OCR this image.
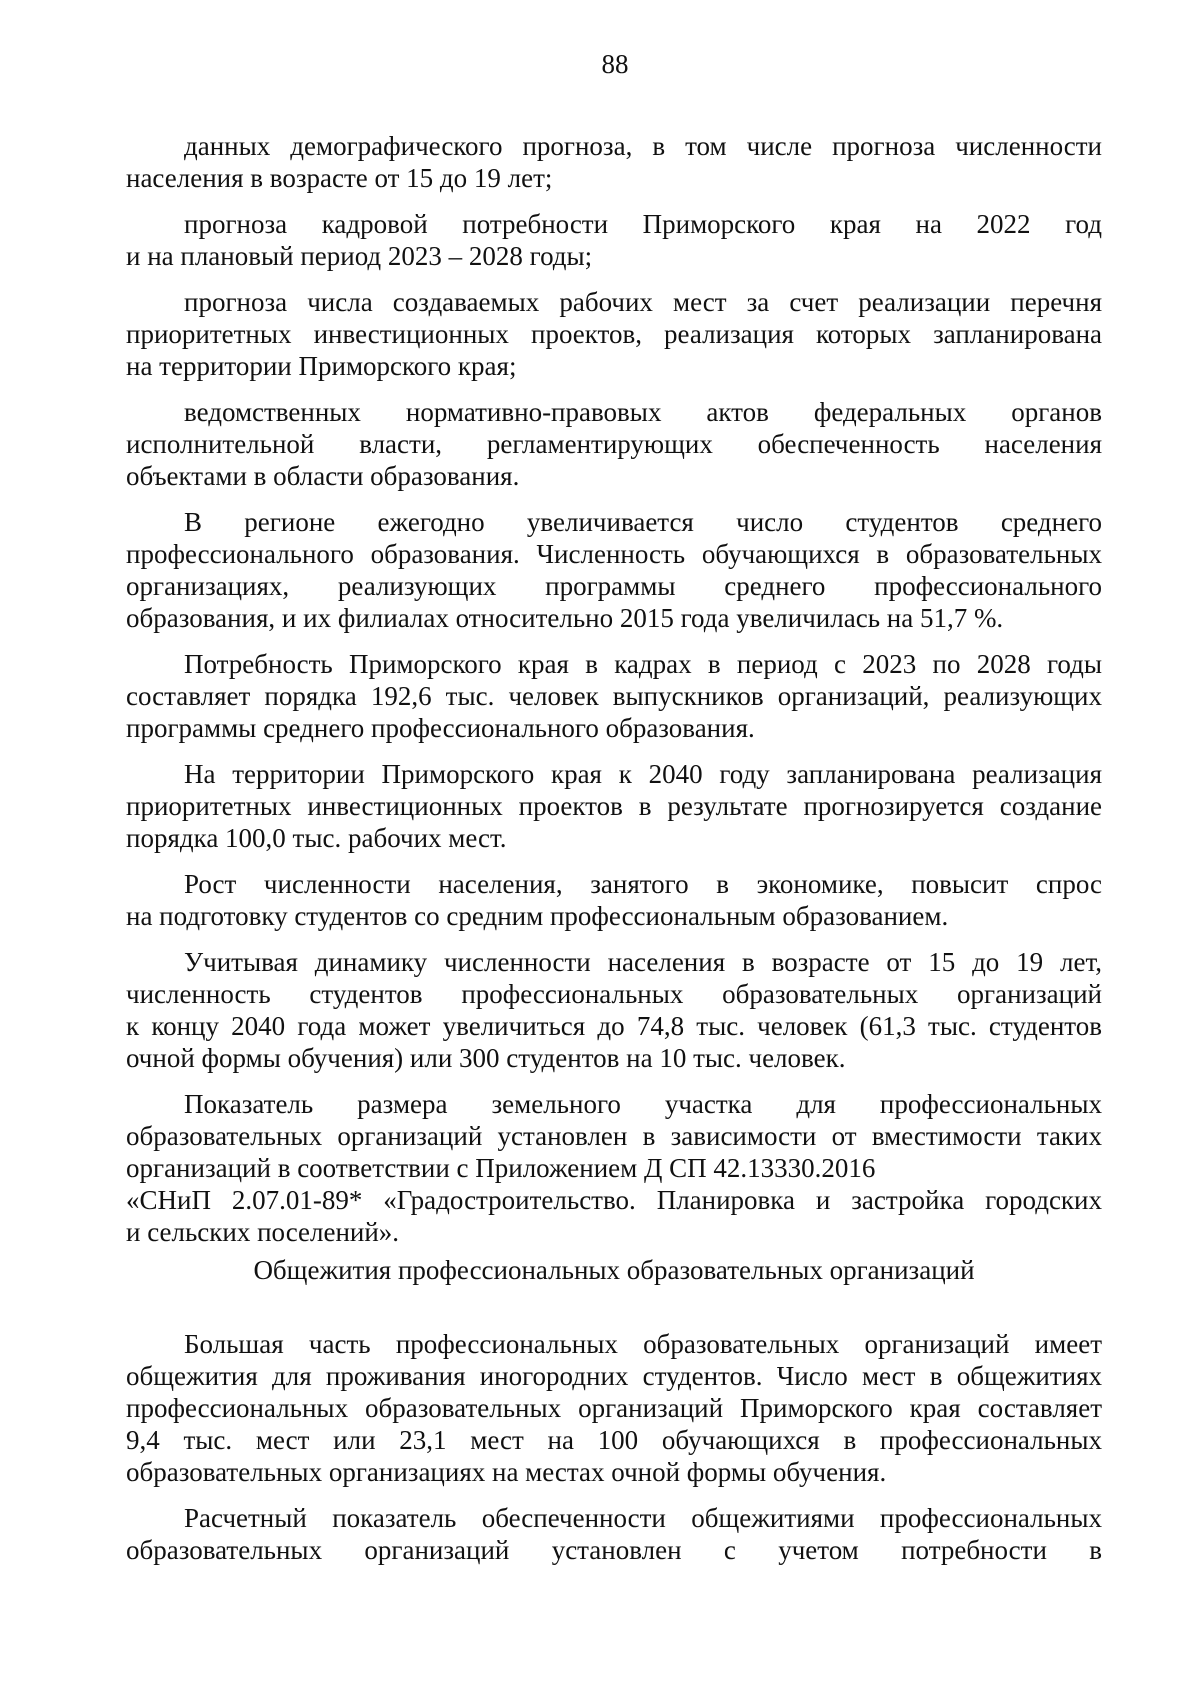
88

данных демографического прогноза, в том числе прогноза численности
населения в возрасте от 15 до 19 лет;

прогноза кадровой потребности Приморского края на 2022 год
и на плановый период 2023 – 2028 годы;

прогноза числа создаваемых рабочих мест за счет реализации перечня
приоритетных инвестиционных проектов, реализация которых запланирована
на территории Приморского края;

ведомственных нормативно-правовых актов федеральных органов
исполнительной власти, регламентирующих обеспеченность населения
объектами в области образования.

В регионе ежегодно увеличивается число студентов среднего
профессионального образования. Численность обучающихся в образовательных
организациях, реализующих программы среднего профессионального
образования, и их филиалах относительно 2015 года увеличилась на 51,7 %.

Потребность Приморского края в кадрах в период с 2023 по 2028 годы
составляет порядка 192,6 тыс. человек выпускников организаций, реализующих
программы среднего профессионального образования.

На территории Приморского края к 2040 году запланирована реализация
приоритетных инвестиционных проектов в результате прогнозируется создание
порядка 100,0 тыс. рабочих мест.

Рост численности населения, занятого в экономике, повысит спрос
на подготовку студентов со средним профессиональным образованием.

Учитывая динамику численности населения в возрасте от 15 до 19 лет,
численность студентов профессиональных образовательных организаций
к концу 2040 года может увеличиться до 74,8 тыс. человек (61,3 тыс. студентов
очной формы обучения) или 300 студентов на 10 тыс. человек.

Показатель размера земельного участка для профессиональных
образовательных организаций установлен в зависимости от вместимости таких
организаций в соответствии с Приложением Д СП 42.13330.2016
«СНиП 2.07.01-89* «Градостроительство. Планировка и застройка городских
и сельских поселений».

Общежития профессиональных образовательных организаций

Большая часть профессиональных образовательных организаций имеет
общежития для проживания иногородних студентов. Число мест в общежитиях
профессиональных образовательных организаций Приморского края составляет
9,4 тыс. мест или 23,1 мест на 100 обучающихся в профессиональных
образовательных организациях на местах очной формы обучения.

Расчетный показатель обеспеченности общежитиями профессиональных
образовательных организаций установлен с учетом потребности в
